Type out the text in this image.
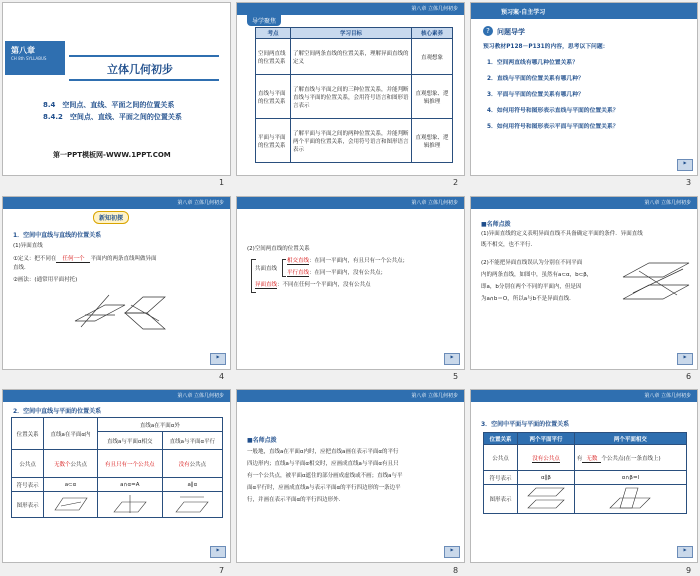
第八章
CH 8th SYLLABUS
立体几何初步
8.4　空间点、直线、平面之间的位置关系
8.4.2　空间点、直线、平面之间的位置关系
第一PPT模板网-WWW.1PPT.COM
1
第八章 立体几何初步
导学聚焦
考点	学习目标	核心素养
空间两直线的位置关系	了解空间两条直线的位置关系，理解异面直线的定义	直观想象
直线与平面的位置关系	了解直线与平面之间的三种位置关系，并能判断直线与平面的位置关系，会用符号语言和图形语言表示	直观想象、逻辑推理
平面与平面的位置关系	了解平面与平面之间的两种位置关系，并能判断两个平面的位置关系，会用符号语言和图形语言表示	直观想象、逻辑推理
2
预习案·自主学习
?	问题导学
预习教材P128－P131的内容，思考以下问题：
1．空间两直线有哪几种位置关系？
2．直线与平面的位置关系有哪几种？
3．平面与平面的位置关系有哪几种？
4．如何用符号和图形表示直线与平面的位置关系？
5．如何用符号和图形表示平面与平面的位置关系？
▶
3
第八章 立体几何初步
新知初探
1．空间中直线与直线的位置关系
(1)异面直线
①定义：把不同在 任何一个 平面内的两条直线叫做异面
直线．
②画法：(通常用平面衬托)
▶
4
第八章 立体几何初步
(2)空间两直线的位置关系
共面直线
相交直线：在同一平面内，有且只有一个公共点；
平行直线：在同一平面内，没有公共点；
异面直线：不同在任何一个平面内，没有公共点
▶
5
第八章 立体几何初步
■名师点拨
(1)异面直线的定义表明异面直线不具备确定平面的条件．异面直线
既不相交，也不平行．
(2)不能把异面直线误认为分别在不同平面
内的两条直线，如图中，虽然有a⊂α，b⊂β，
即a，b分别在两个不同的平面内，但是因
为a∩b＝O，所以a与b不是异面直线．
▶
6
第八章 立体几何初步
2．空间中直线与平面的位置关系
位置关系	直线a在平面α内	直线a在平面α外	
		直线a与平面α相交	直线a与平面α平行
公共点	无数个公共点	有且只有一个公共点	没有公共点
符号表示	a⊂α	a∩α=A	a∥α
图形表示			
▶
7
第八章 立体几何初步
■名师点拨
一般地，直线a在平面α内时，应把直线a画在表示平面α的平行
四边形内；直线a与平面α相交时，应画成直线a与平面α有且只
有一个公共点，被平面α遮住的部分画成虚线或不画；直线a与平
面α平行时，应画成直线a与表示平面α的平行四边形的一条边平
行，并画在表示平面α的平行四边形外．
▶
8
第八章 立体几何初步
3．空间中平面与平面的位置关系
位置关系	两个平面平行	两个平面相交
公共点	没有公共点	有 无数 个公共点(在一条直线上)
符号表示	α∥β	α∩β=l
图形表示		
▶
9
